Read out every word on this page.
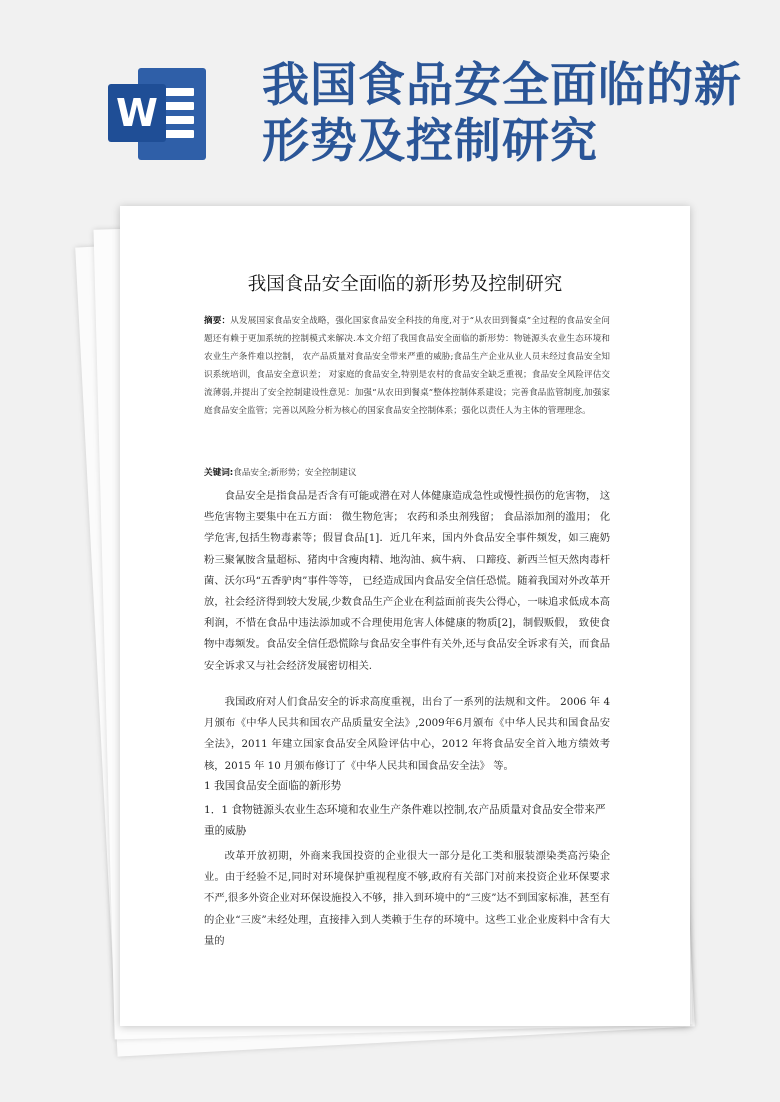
W 我国食品安全面临的新形势及控制研究
我国食品安全面临的新形势及控制研究
摘要：从发展国家食品安全战略，强化国家食品安全科技的角度,对于“从农田到餐桌”全过程的食品安全问题还有赖于更加系统的控制模式来解决.本文介绍了我国食品安全面临的新形势：物链源头农业生态环境和农业生产条件难以控制， 农产品质量对食品安全带来严重的威胁;食品生产企业从业人员未经过食品安全知识系统培训，食品安全意识差； 对家庭的食品安全,特别是农村的食品安全缺乏重视；食品安全风险评估交流薄弱,并提出了安全控制建设性意见：加强“从农田到餐桌”整体控制体系建设；完善食品监管制度,加强家庭食品安全监管；完善以风险分析为核心的国家食品安全控制体系；强化以责任人为主体的管理理念。
关键词:食品安全;新形势；安全控制建议

食品安全是指食品是否含有可能或潜在对人体健康造成急性或慢性损伤的危害物， 这些危害物主要集中在五方面： 微生物危害； 农药和杀虫剂残留； 食品添加剂的滥用； 化学危害,包括生物毒素等；假冒食品[1]．近几年来，国内外食品安全事件频发，如三鹿奶粉三聚氰胺含量超标、猪肉中含瘦肉精、地沟油、疯牛病、 口蹄疫、新西兰恒天然肉毒杆菌、沃尔玛“五香驴肉”事件等等， 已经造成国内食品安全信任恐慌。随着我国对外改革开放，社会经济得到较大发展,少数食品生产企业在利益面前丧失公得心，一味追求低成本高利润，不惜在食品中违法添加或不合理使用危害人体健康的物质[2]，制假贩假， 致使食物中毒频发。食品安全信任恐慌除与食品安全事件有关外,还与食品安全诉求有关，而食品安全诉求又与社会经济发展密切相关.

我国政府对人们食品安全的诉求高度重视，出台了一系列的法规和文件。 2006 年 4 月颁布《中华人民共和国农产品质量安全法》,2009年6月颁布《中华人民共和国食品安全法》，2011 年建立国家食品安全风险评估中心，2012 年将食品安全首入地方绩效考核，2015 年 10 月颁布修订了《中华人民共和国食品安全法》 等。

1 我国食品安全面临的新形势
1．1 食物链源头农业生态环境和农业生产条件难以控制,农产品质量对食品安全带来严重的威胁

改革开放初期，外商来我国投资的企业很大一部分是化工类和服装漂染类高污染企业。由于经验不足,同时对环境保护重视程度不够,政府有关部门对前来投资企业环保要求不严,很多外资企业对环保设施投入不够，排入到环境中的“三废”达不到国家标准，甚至有的企业“三废”未经处理，直接排入到人类赖于生存的环境中。这些工业企业废料中含有大量的
